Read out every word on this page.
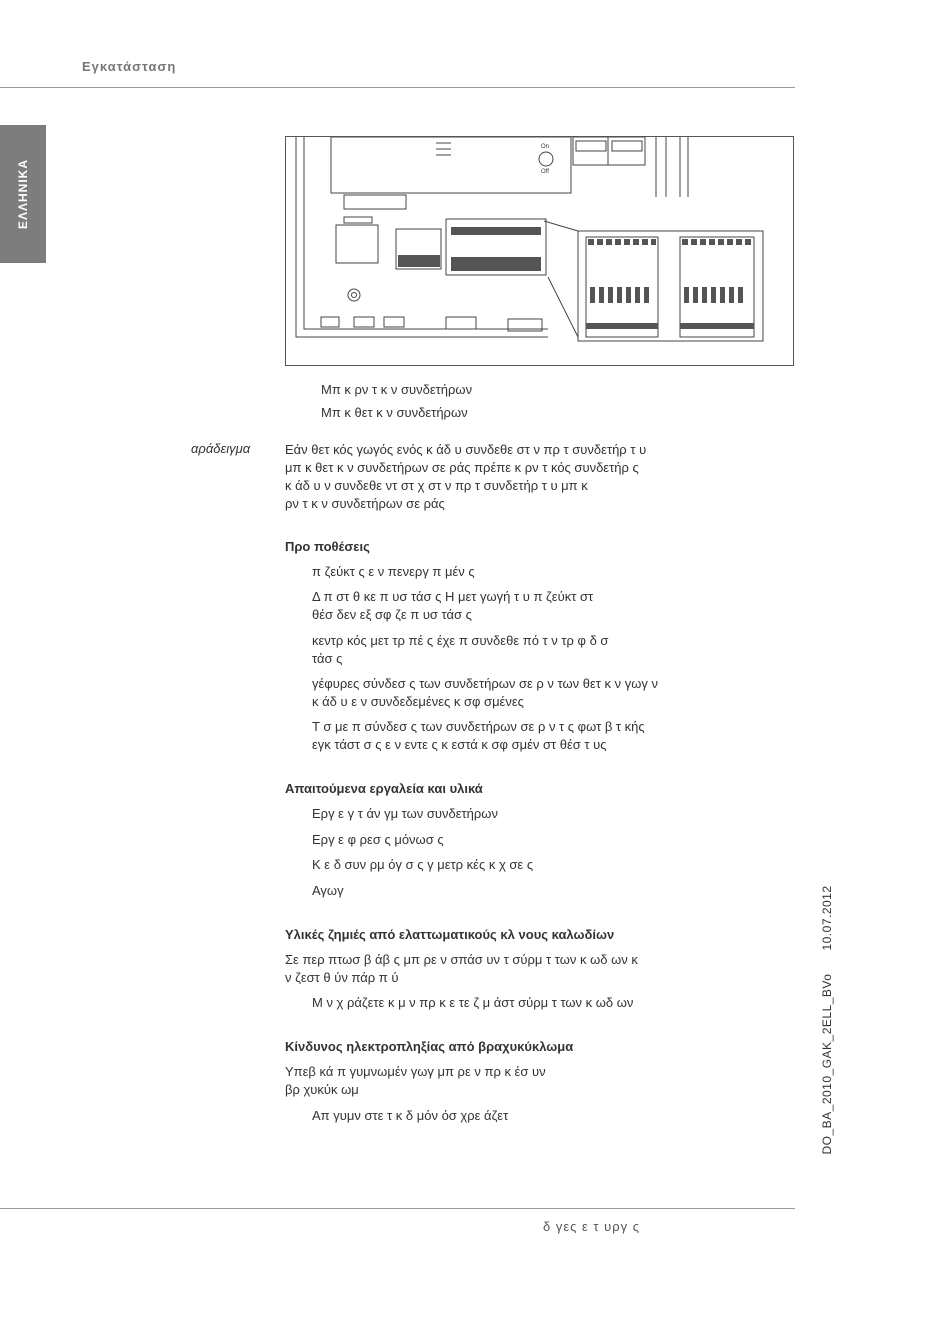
Εγκατάσταση
ΕΛΛΗΝΙΚΑ
On
Off
Μπ κ ρν τ κ ν συνδετήρων
Μπ κ θετ κ ν συνδετήρων
αράδειγμα	Εάν θετ κός γωγός ενός κ άδ υ συνδεθε στ ν πρ τ συνδετήρ τ υ
μπ κ θετ κ ν συνδετήρων σε ράς πρέπε κ ρν τ κός συνδετήρ ς
κ άδ υ ν συνδεθε ντ στ χ στ ν πρ τ συνδετήρ τ υ μπ κ
ρν τ κ ν συνδετήρων σε ράς
Προ ποθέσεις
π ζεύκτ ς ε ν πενεργ π μέν ς
Δ π στ θ κε π υσ τάσ ς Η μετ γωγή τ υ π ζεύκτ στ
θέσ δεν εξ σφ ζε π υσ τάσ ς
κεντρ κός μετ τρ πέ ς έχε π συνδεθε πό τ ν τρ φ δ σ
τάσ ς
γέφυρες σύνδεσ ς των συνδετήρων σε ρ ν των θετ κ ν γωγ ν
κ άδ υ ε ν συνδεδεμένες κ σφ σμένες
Τ σ με π σύνδεσ ς των συνδετήρων σε ρ ν τ ς φωτ β τ κής
εγκ τάστ σ ς ε ν εντε ς κ εστά κ σφ σμέν στ θέσ τ υς
Απαιτούμενα εργαλεία και υλικά
Εργ ε γ τ άν γμ των συνδετήρων
Εργ ε φ ρεσ ς μόνωσ ς
Κ ε δ συν ρμ όγ σ ς γ μετρ κές κ χ σε ς
Αγωγ
Υλικές ζημιές από ελαττωματικούς κλ νους καλωδίων
Σε περ πτωσ β άβ ς μπ ρε ν σπάσ υν τ σύρμ τ των κ ωδ ων κ
ν ζεστ θ ύν πάρ π ύ
Μ ν χ ράζετε κ μ ν πρ κ ε τε ζ μ άστ σύρμ τ των κ ωδ ων
Κίνδυνος ηλεκτροπληξίας από βραχυκύκλωμα
Υπεβ κά π γυμνωμέν γωγ μπ ρε ν πρ κ έσ υν
βρ χυκύκ ωμ
Απ γυμν στε τ κ δ μόν όσ χρε άζετ	DO_BA_2010_GAK_2ELL_BVo      10.07.2012
δ γες ε τ υργ ς
